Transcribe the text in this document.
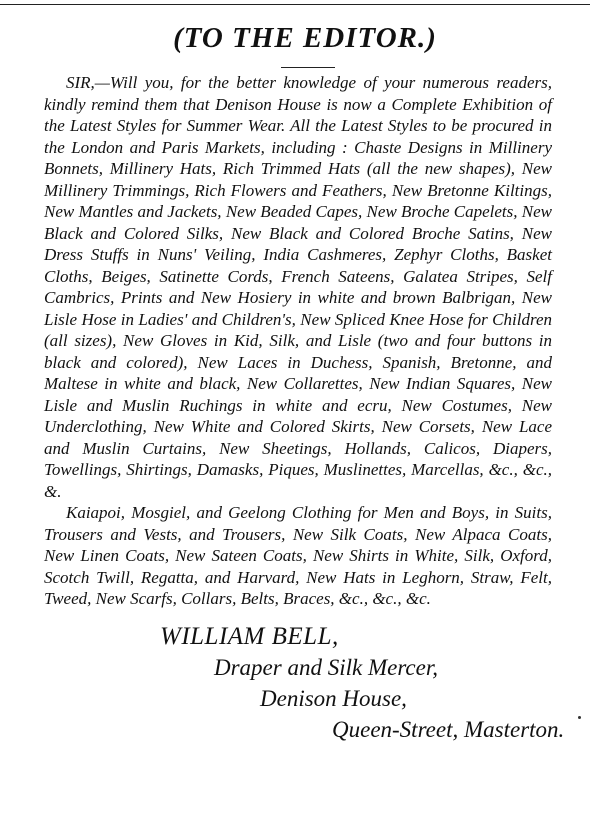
(TO THE EDITOR.)

SIR,—Will you, for the better knowledge of your numerous readers, kindly remind them that Denison House is now a Complete Exhibition of the Latest Styles for Summer Wear. All the Latest Styles to be procured in the London and Paris Markets, including : Chaste Designs in Millinery Bonnets, Millinery Hats, Rich Trimmed Hats (all the new shapes), New Millinery Trimmings, Rich Flowers and Feathers, New Bretonne Kiltings, New Mantles and Jackets, New Beaded Capes, New Broche Capelets, New Black and Colored Silks, New Black and Colored Broche Satins, New Dress Stuffs in Nuns' Veiling, India Cashmeres, Zephyr Cloths, Basket Cloths, Beiges, Satinette Cords, French Sateens, Galatea Stripes, Self Cambrics, Prints and New Hosiery in white and brown Balbrigan, New Lisle Hose in Ladies' and Children's, New Spliced Knee Hose for Children (all sizes), New Gloves in Kid, Silk, and Lisle (two and four buttons in black and colored), New Laces in Duchess, Spanish, Bretonne, and Maltese in white and black, New Collarettes, New Indian Squares, New Lisle and Muslin Ruchings in white and ecru, New Costumes, New Underclothing, New White and Colored Skirts, New Corsets, New Lace and Muslin Curtains, New Sheetings, Hollands, Calicos, Diapers, Towellings, Shirtings, Damasks, Piques, Muslinettes, Marcellas, &c., &c., &.

Kaiapoi, Mosgiel, and Geelong Clothing for Men and Boys, in Suits, Trousers and Vests, and Trousers, New Silk Coats, New Alpaca Coats, New Linen Coats, New Sateen Coats, New Shirts in White, Silk, Oxford, Scotch Twill, Regatta, and Harvard, New Hats in Leghorn, Straw, Felt, Tweed, New Scarfs, Collars, Belts, Braces, &c., &c., &c.

WILLIAM BELL,

Draper and Silk Mercer,

Denison House,

Queen-Street, Masterton.
